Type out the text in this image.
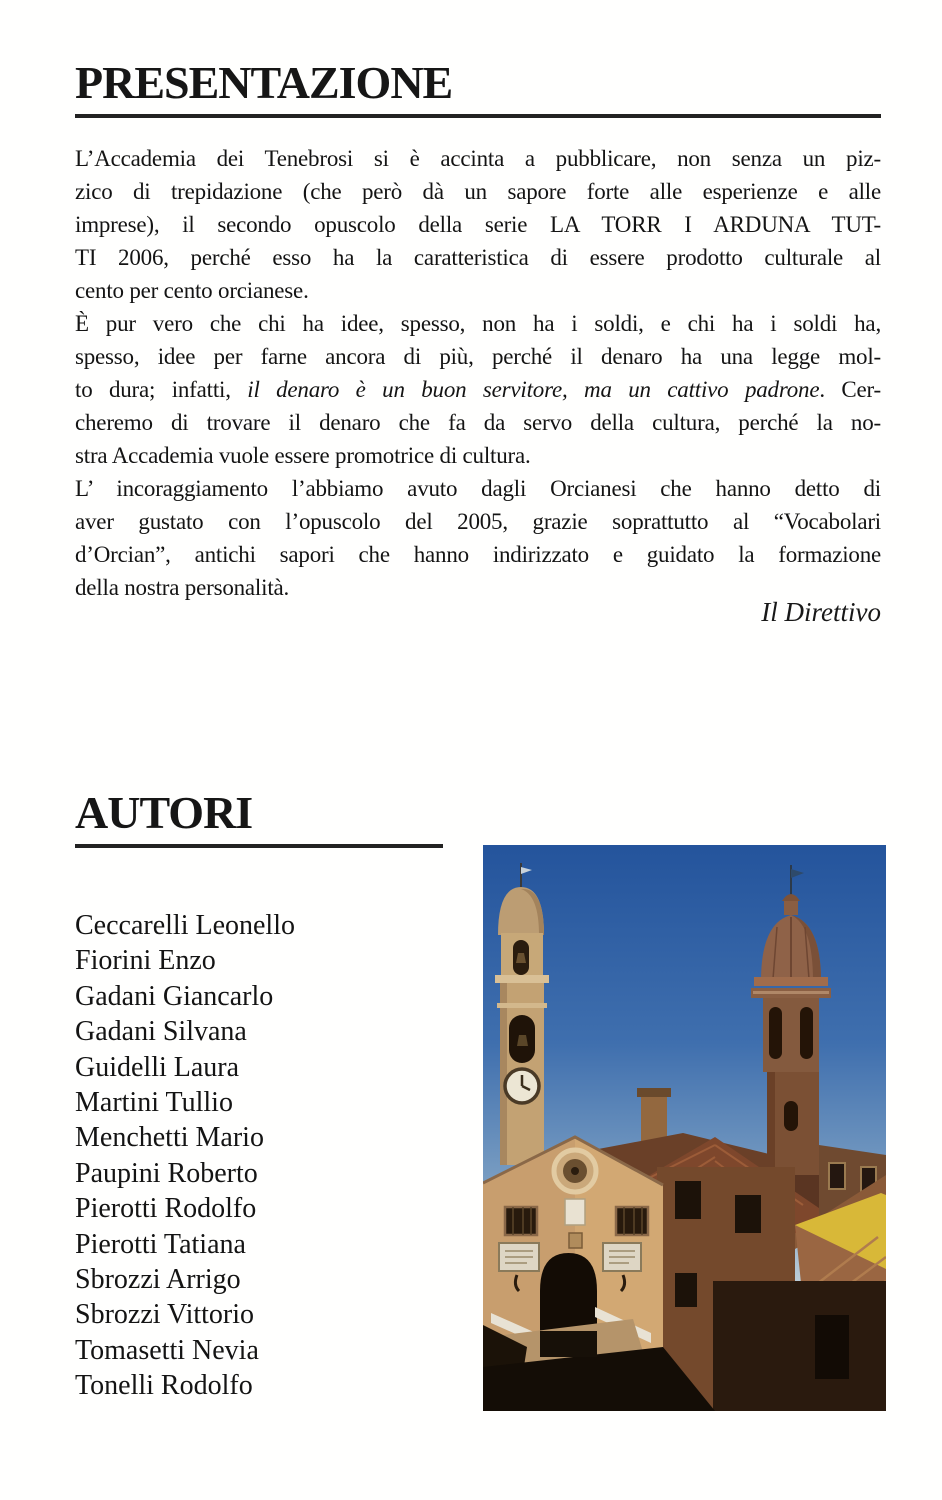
PRESENTAZIONE
L’Accademia dei Tenebrosi si è accinta a pubblicare, non senza un piz-
zico di trepidazione (che però dà un sapore forte alle esperienze e alle
imprese), il secondo opuscolo della serie LA TORR I ARDUNA TUT-
TI 2006, perché esso ha la caratteristica di essere prodotto culturale al
cento per cento orcianese.
È pur vero che chi ha idee, spesso, non ha i soldi, e chi ha i soldi ha,
spesso, idee per farne ancora di più, perché il denaro ha una legge mol-
to dura; infatti, il denaro è un buon servitore, ma un cattivo padrone. Cer-
cheremo di trovare il denaro che fa da servo della cultura, perché la no-
stra Accademia vuole essere promotrice di cultura.
L’ incoraggiamento l’abbiamo avuto dagli Orcianesi che hanno detto di
aver gustato con l’opuscolo del 2005, grazie soprattutto al “Vocabolari
d’Orcian”, antichi sapori che hanno indirizzato e guidato la formazione
della nostra personalità.
Il Direttivo
AUTORI
Ceccarelli Leonello
Fiorini Enzo
Gadani Giancarlo
Gadani Silvana
Guidelli Laura
Martini Tullio
Menchetti Mario
Paupini Roberto
Pierotti Rodolfo
Pierotti Tatiana
Sbrozzi Arrigo
Sbrozzi Vittorio
Tomasetti Nevia
Tonelli Rodolfo
